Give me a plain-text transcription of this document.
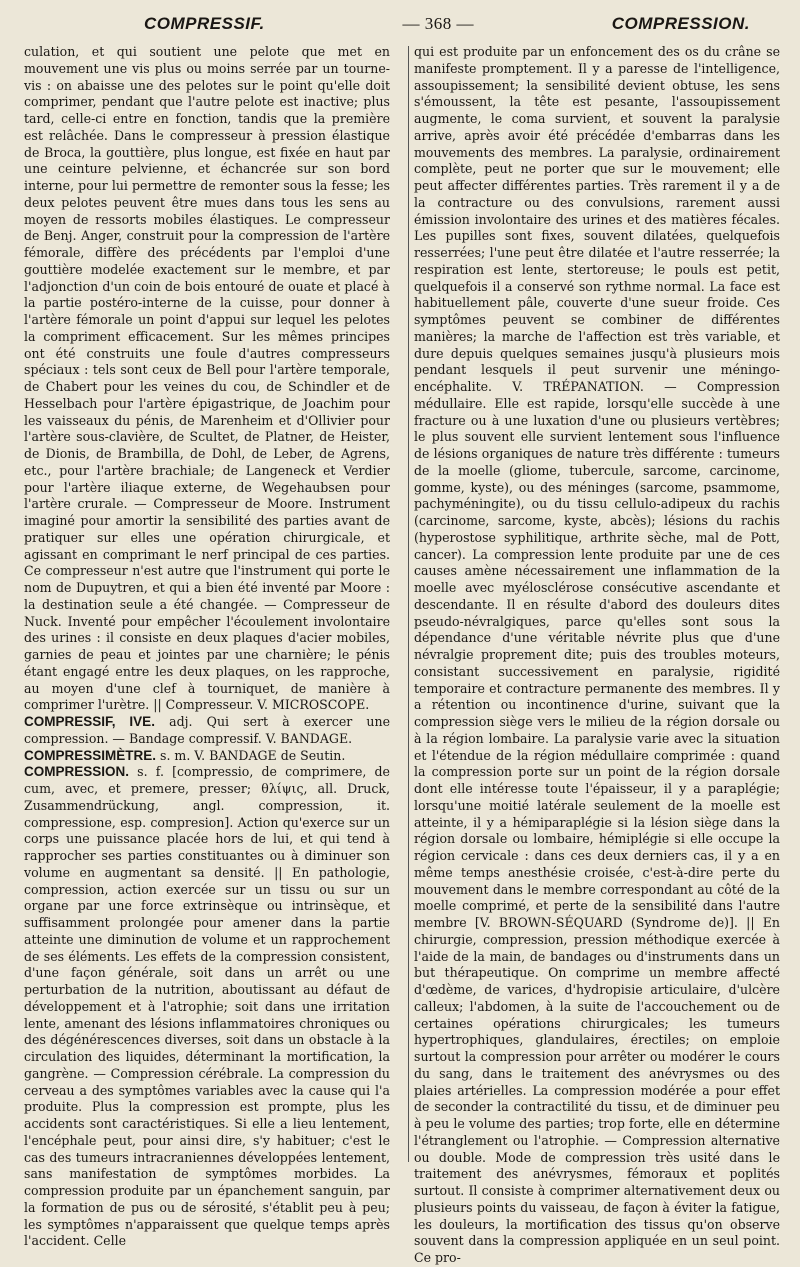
COMPRESSIF.	— 368 —	COMPRESSION.

culation, et qui soutient une pelote que met en mouvement une vis plus ou moins serrée par un tourne-vis : on abaisse une des pelotes sur le point qu'elle doit comprimer, pendant que l'autre pelote est inactive; plus tard, celle-ci entre en fonction, tandis que la première est relâchée. Dans le compresseur à pression élastique de Broca, la gouttière, plus longue, est fixée en haut par une ceinture pelvienne, et échancrée sur son bord interne, pour lui permettre de remonter sous la fesse; les deux pelotes peuvent être mues dans tous les sens au moyen de ressorts mobiles élastiques. Le compresseur de Benj. Anger, construit pour la compression de l'artère fémorale, diffère des précédents par l'emploi d'une gouttière modelée exactement sur le membre, et par l'adjonction d'un coin de bois entouré de ouate et placé à la partie postéro-interne de la cuisse, pour donner à l'artère fémorale un point d'appui sur lequel les pelotes la compriment efficacement. Sur les mêmes principes ont été construits une foule d'autres compresseurs spéciaux : tels sont ceux de Bell pour l'artère temporale, de Chabert pour les veines du cou, de Schindler et de Hesselbach pour l'artère épigastrique, de Joachim pour les vaisseaux du pénis, de Marenheim et d'Ollivier pour l'artère sous-clavière, de Scultet, de Platner, de Heister, de Dionis, de Brambilla, de Dohl, de Leber, de Agrens, etc., pour l'artère brachiale; de Langeneck et Verdier pour l'artère iliaque externe, de Wegehaubsen pour l'artère crurale. — Compresseur de Moore. Instrument imaginé pour amortir la sensibilité des parties avant de pratiquer sur elles une opération chirurgicale, et agissant en comprimant le nerf principal de ces parties. Ce compresseur n'est autre que l'instrument qui porte le nom de Dupuytren, et qui a bien été inventé par Moore : la destination seule a été changée. — Compresseur de Nuck. Inventé pour empêcher l'écoulement involontaire des urines : il consiste en deux plaques d'acier mobiles, garnies de peau et jointes par une charnière; le pénis étant engagé entre les deux plaques, on les rapproche, au moyen d'une clef à tourniquet, de manière à comprimer l'urètre. || Compresseur. V. MICROSCOPE.

COMPRESSIF, IVE. adj. Qui sert à exercer une compression. — Bandage compressif. V. BANDAGE.

COMPRESSIMÈTRE. s. m. V. BANDAGE de Seutin.

COMPRESSION. s. f. [compressio, de comprimere, de cum, avec, et premere, presser; θλίψις, all. Druck, Zusammendrückung, angl. compression, it. compressione, esp. compresion]. Action qu'exerce sur un corps une puissance placée hors de lui, et qui tend à rapprocher ses parties constituantes ou à diminuer son volume en augmentant sa densité. || En pathologie, compression, action exercée sur un tissu ou sur un organe par une force extrinsèque ou intrinsèque, et suffisamment prolongée pour amener dans la partie atteinte une diminution de volume et un rapprochement de ses éléments. Les effets de la compression consistent, d'une façon générale, soit dans un arrêt ou une perturbation de la nutrition, aboutissant au défaut de développement et à l'atrophie; soit dans une irritation lente, amenant des lésions inflammatoires chroniques ou des dégénérescences diverses, soit dans un obstacle à la circulation des liquides, déterminant la mortification, la gangrène. — Compression cérébrale. La compression du cerveau a des symptômes variables avec la cause qui l'a produite. Plus la compression est prompte, plus les accidents sont caractéristiques. Si elle a lieu lentement, l'encéphale peut, pour ainsi dire, s'y habituer; c'est le cas des tumeurs intracraniennes développées lentement, sans manifestation de symptômes morbides. La compression produite par un épanchement sanguin, par la formation de pus ou de sérosité, s'établit peu à peu; les symptômes n'apparaissent que quelque temps après l'accident. Celle

qui est produite par un enfoncement des os du crâne se manifeste promptement. Il y a paresse de l'intelligence, assoupissement; la sensibilité devient obtuse, les sens s'émoussent, la tête est pesante, l'assoupissement augmente, le coma survient, et souvent la paralysie arrive, après avoir été précédée d'embarras dans les mouvements des membres. La paralysie, ordinairement complète, peut ne porter que sur le mouvement; elle peut affecter différentes parties. Très rarement il y a de la contracture ou des convulsions, rarement aussi émission involontaire des urines et des matières fécales. Les pupilles sont fixes, souvent dilatées, quelquefois resserrées; l'une peut être dilatée et l'autre resserrée; la respiration est lente, stertoreuse; le pouls est petit, quelquefois il a conservé son rythme normal. La face est habituellement pâle, couverte d'une sueur froide. Ces symptômes peuvent se combiner de différentes manières; la marche de l'affection est très variable, et dure depuis quelques semaines jusqu'à plusieurs mois pendant lesquels il peut survenir une méningo-encéphalite. V. TRÉPANATION. — Compression médullaire. Elle est rapide, lorsqu'elle succède à une fracture ou à une luxation d'une ou plusieurs vertèbres; le plus souvent elle survient lentement sous l'influence de lésions organiques de nature très différente : tumeurs de la moelle (gliome, tubercule, sarcome, carcinome, gomme, kyste), ou des méninges (sarcome, psammome, pachyméningite), ou du tissu cellulo-adipeux du rachis (carcinome, sarcome, kyste, abcès); lésions du rachis (hyperostose syphilitique, arthrite sèche, mal de Pott, cancer). La compression lente produite par une de ces causes amène nécessairement une inflammation de la moelle avec myélosclérose consécutive ascendante et descendante. Il en résulte d'abord des douleurs dites pseudo-névralgiques, parce qu'elles sont sous la dépendance d'une véritable névrite plus que d'une névralgie proprement dite; puis des troubles moteurs, consistant successivement en paralysie, rigidité temporaire et contracture permanente des membres. Il y a rétention ou incontinence d'urine, suivant que la compression siège vers le milieu de la région dorsale ou à la région lombaire. La paralysie varie avec la situation et l'étendue de la région médullaire comprimée : quand la compression porte sur un point de la région dorsale dont elle intéresse toute l'épaisseur, il y a paraplégie; lorsqu'une moitié latérale seulement de la moelle est atteinte, il y a hémiparaplégie si la lésion siège dans la région dorsale ou lombaire, hémiplégie si elle occupe la région cervicale : dans ces deux derniers cas, il y a en même temps anesthésie croisée, c'est-à-dire perte du mouvement dans le membre correspondant au côté de la moelle comprimé, et perte de la sensibilité dans l'autre membre [V. BROWN-SÉQUARD (Syndrome de)]. || En chirurgie, compression, pression méthodique exercée à l'aide de la main, de bandages ou d'instruments dans un but thérapeutique. On comprime un membre affecté d'œdème, de varices, d'hydropisie articulaire, d'ulcère calleux; l'abdomen, à la suite de l'accouchement ou de certaines opérations chirurgicales; les tumeurs hypertrophiques, glandulaires, érectiles; on emploie surtout la compression pour arrêter ou modérer le cours du sang, dans le traitement des anévrysmes ou des plaies artérielles. La compression modérée a pour effet de seconder la contractilité du tissu, et de diminuer peu à peu le volume des parties; trop forte, elle en détermine l'étranglement ou l'atrophie. — Compression alternative ou double. Mode de compression très usité dans le traitement des anévrysmes, fémoraux et poplités surtout. Il consiste à comprimer alternativement deux ou plusieurs points du vaisseau, de façon à éviter la fatigue, les douleurs, la mortification des tissus qu'on observe souvent dans la compression appliquée en un seul point. Ce pro-
